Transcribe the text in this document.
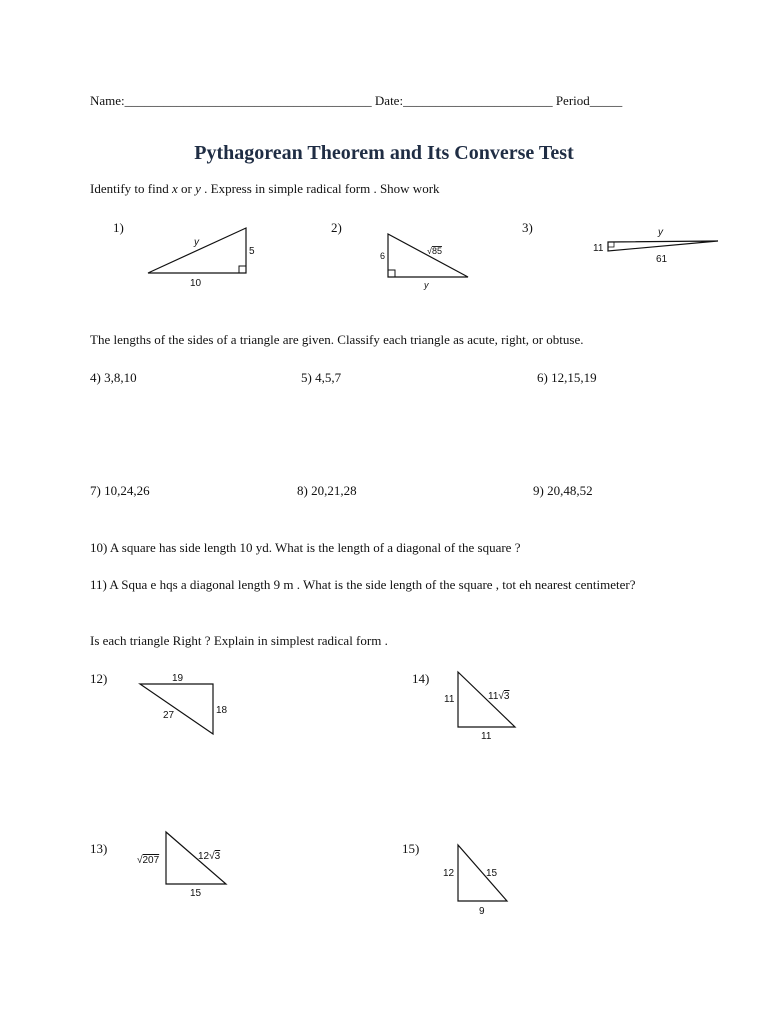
Name:______________________________________ Date:_______________________ Period_____
Pythagorean Theorem and Its Converse Test
Identify to find x or y . Express in simple radical form . Show work
1)
y
5
10
2)
6	√85
y
3)
11
y
61
The lengths of the sides of a triangle are given. Classify each triangle as acute, right, or obtuse.
4) 3,8,10	5) 4,5,7	6) 12,15,19
7) 10,24,26	8) 20,21,28	9) 20,48,52
10) A square has side length 10 yd. What is the length of a diagonal of the square ?
11) A Squa e hqs a diagonal length 9 m . What is the side length of the square , tot eh nearest centimeter?
Is each triangle Right ? Explain in simplest radical form .
12)	19
27	18
14)
11	11√3
11
13)
√207	12√3
15
15)
12	15
9
